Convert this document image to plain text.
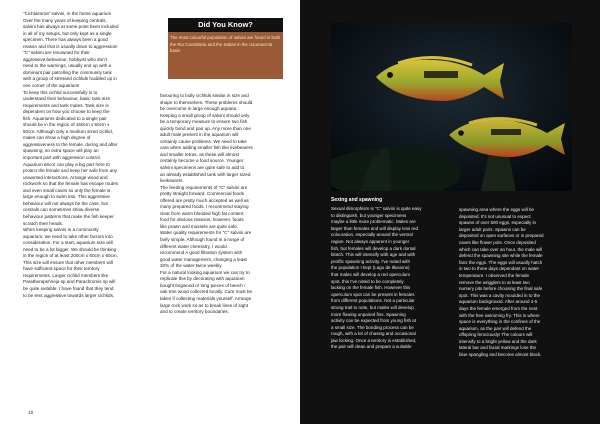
"Cichlasoma" salvini, in the home aquarium
Over the many years of keeping centrals,
salvini has always at some point been included
in all of my setups, but only kept as a single
specimen. There has always been a good
reason and that is usually down to aggression!
"C" salvini are renowned for their
aggressive behaviour, hobbyist who don't
need to the warnings, usually end up with a
dominant pair patrolling the community tank
with a group of stressed cichlids huddled up in
one corner of the aquarium!
To keep this cichlid successfully is to
understand their behaviour, basic tank size
requirements and tank mates. Tank size is
dependent on how you choose to keep the
fish. Aquariums dedicated to a single pair
should be in the region of 150cm x 50cm x
50cm. Although only a medium sized cichlid,
males can show a high degree of
aggressiveness to the female, during and after
spawning, so extra space will play an
important part with aggression control.
Aquarium décor can play a big part here to
protect the female and keep her safe from any
unwanted interactions. Arrange wood and
rockwork so that the female has escape routes
and even small caves so only the female is
large enough to swim into. This aggressive
behaviour will not always be the case, but
centrals can sometimes show diverse
behaviour patterns that make the fish keeper
scratch their heads.
When keeping salvini in a community
aquarium, we need to take other factors into
consideration. For a start, aquarium size will
need to be a lot bigger. We should be thinking
in the region of at least 200cm x 60cm x 60cm.
This size will ensure that other members will
have sufficient space for their territory
requirements. Larger cichlid members like
Paratheraps/Vieja sp and Parachromis sp will
be quite suitable. I have found that they tend
to be less aggressive towards larger cichlids,

Did You Know?

The most colourful population of salvini are found in both the Rio Candelaria and the Sabas in the Usumacinta basin

favouring to bully cichlids similar in size and
shape to themselves. These problems should
be overcome in large enough aquaria.
Keeping a small group of salvini should only
be a temporary measure to ensure two fish
quickly bond and pair up. Any more than one
adult male present in the aquarium will
certainly cause problems. We need to take
care when adding smaller fish like livebearers
and smaller tetras, as these will almost
certainly become a food source. Younger
salvini specimens are quite safe to add to
an already established tank with larger sized
livebearers.
The feeding requirements of "C" salvini are
pretty straight forward. Commercial foods
offered are pretty much accepted as well as
many prepared foods. I recommend staying
clear from warm blooded high fat content
food for obvious reasons, however, foods
like prawn and mussels are quite safe.
Water quality requirements for "C" salvini are
fairly simple. Although found in a range of
different water chemistry, I would
recommend A good filtration system with
good water management, changing a least
20% of the water twice weekly.
For a natural looking aquarium we can try to
replicate this by decorating with aquarium
bought bogwood or long pieces of beech /
oak tree wood collected locally. Care must be
taken if collecting materials yourself. Arrange
large rock work so as to break lines of sight
and to create territory boundaries.

18

Sexing and spawning

Sexual dimorphism is "C" salvini is quite easy
to distinguish, but younger specimens
maybe a little more problematic. Males are
larger than females and will display less red
colouration, especially around the ventral
region. Not always apparent in younger
fish, but females will develop a dark dorsal
blotch. This will intensify with age and with
prolific spawning activity. I've noted with
the population I kept (Lago de Illusions)
that males will develop a red operculum
spot, this I've noted to be completely
lacking on the female fish. However this
operculum spot can be present in females
from different populations. Not a particular
strong trait to note, but males will develop
more flowing unpaired fins. Spawning
activity can be expected from young fish at
a small size. The bonding process can be
rough, with a lot of chasing and occasional
jaw locking. Once a territory is established,
the pair will clean and prepare a suitable

spawning area where the eggs will be
deposited. It's not unusual to expect
spawns of over 500 eggs, especially in
larger adult pairs. Spawns can be
deposited on open surfaces or in prepared
caves like flower pots. Once deposited
which can take over an hour, the male will
defend the spawning site while the female
fans the eggs. The eggs will usually hatch
in two to three days dependant on water
temperature. I observed the female
remove the wrigglers to at least two
nursery pits before choosing the final safe
spot. This was a cavity moulded in to the
aquarium background. After around 4-5
days the female emerged from the nest
with the free swimming fry. This is where
space is everything in the confines of the
aquarium, as the pair will defend the
offspring ferociously! The colours will
intensify to a bright yellow and the dark
lateral bar and facial markings lose the
blue spangling and become almost black.
